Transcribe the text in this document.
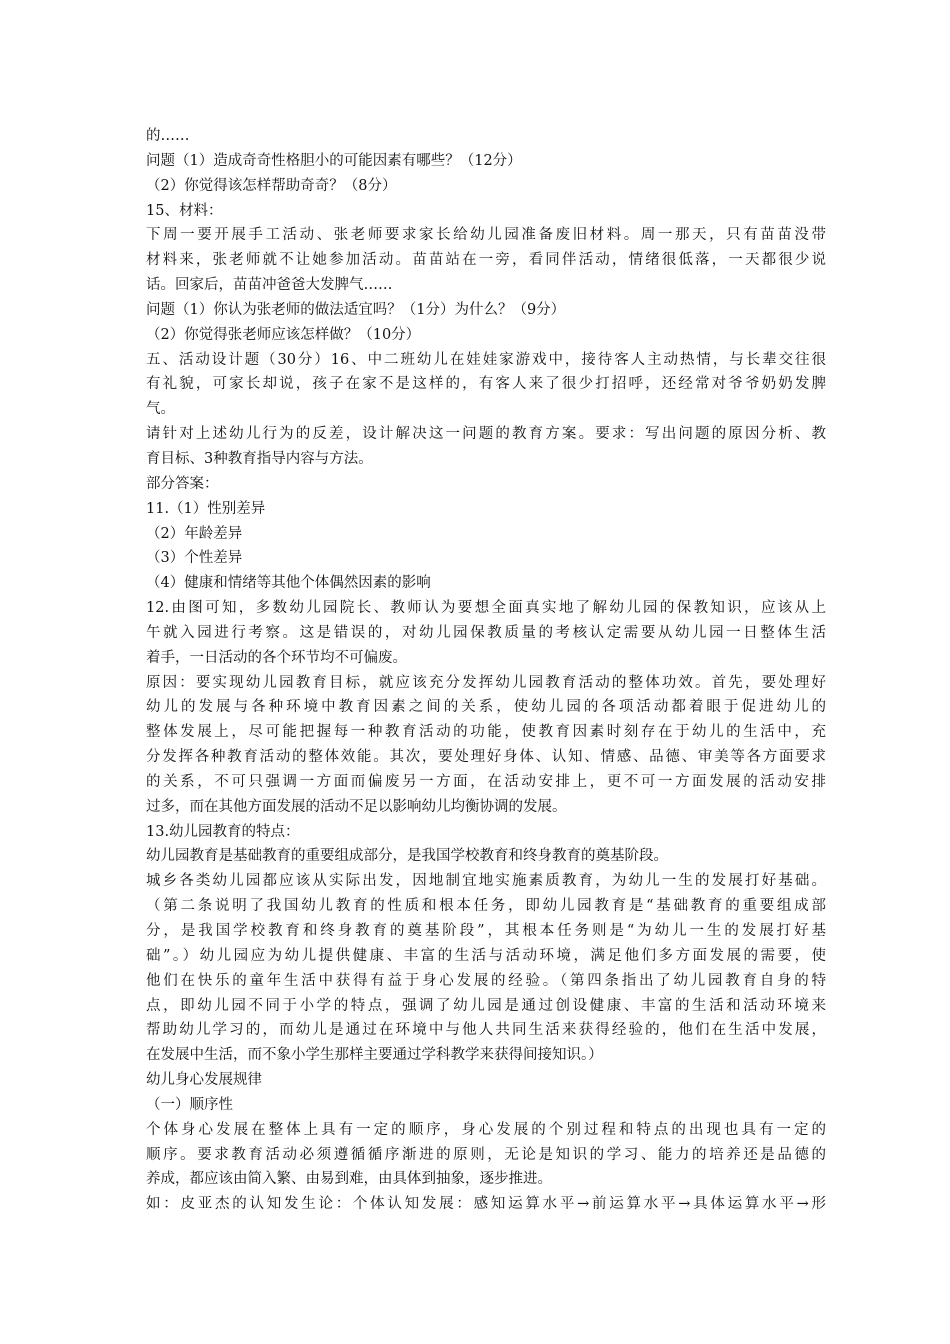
的……
问题（1）造成奇奇性格胆小的可能因素有哪些？（12分）
（2）你觉得该怎样帮助奇奇？（8分）
15、材料：
下周一要开展手工活动、张老师要求家长给幼儿园准备废旧材料。周一那天，只有苗苗没带
材料来，张老师就不让她参加活动。苗苗站在一旁，看同伴活动，情绪很低落，一天都很少说
话。回家后，苗苗冲爸爸大发脾气……
问题（1）你认为张老师的做法适宜吗？（1分）为什么？（9分）
（2）你觉得张老师应该怎样做？（10分）
五、活动设计题（30分）16、中二班幼儿在娃娃家游戏中，接待客人主动热情，与长辈交往很
有礼貌，可家长却说，孩子在家不是这样的，有客人来了很少打招呼，还经常对爷爷奶奶发脾
气。
请针对上述幼儿行为的反差，设计解决这一问题的教育方案。要求：写出问题的原因分析、教
育目标、3种教育指导内容与方法。
部分答案：
11.（1）性别差异
（2）年龄差异
（3）个性差异
（4）健康和情绪等其他个体偶然因素的影响
12.由图可知，多数幼儿园院长、教师认为要想全面真实地了解幼儿园的保教知识，应该从上
午就入园进行考察。这是错误的，对幼儿园保教质量的考核认定需要从幼儿园一日整体生活
着手，一日活动的各个环节均不可偏废。
原因：要实现幼儿园教育目标，就应该充分发挥幼儿园教育活动的整体功效。首先，要处理好
幼儿的发展与各种环境中教育因素之间的关系，使幼儿园的各项活动都着眼于促进幼儿的
整体发展上，尽可能把握每一种教育活动的功能，使教育因素时刻存在于幼儿的生活中，充
分发挥各种教育活动的整体效能。其次，要处理好身体、认知、情感、品德、审美等各方面要求
的关系，不可只强调一方面而偏废另一方面，在活动安排上，更不可一方面发展的活动安排
过多，而在其他方面发展的活动不足以影响幼儿均衡协调的发展。
13.幼儿园教育的特点：
幼儿园教育是基础教育的重要组成部分，是我国学校教育和终身教育的奠基阶段。
城乡各类幼儿园都应该从实际出发，因地制宜地实施素质教育，为幼儿一生的发展打好基础。
（第二条说明了我国幼儿教育的性质和根本任务，即幼儿园教育是“基础教育的重要组成部
分，是我国学校教育和终身教育的奠基阶段”，其根本任务则是“为幼儿一生的发展打好基
础”。）幼儿园应为幼儿提供健康、丰富的生活与活动环境，满足他们多方面发展的需要，使
他们在快乐的童年生活中获得有益于身心发展的经验。（第四条指出了幼儿园教育自身的特
点，即幼儿园不同于小学的特点，强调了幼儿园是通过创设健康、丰富的生活和活动环境来
帮助幼儿学习的，而幼儿是通过在环境中与他人共同生活来获得经验的，他们在生活中发展，
在发展中生活，而不象小学生那样主要通过学科教学来获得间接知识。）
幼儿身心发展规律
（一）顺序性
个体身心发展在整体上具有一定的顺序，身心发展的个别过程和特点的出现也具有一定的
顺序。要求教育活动必须遵循循序渐进的原则，无论是知识的学习、能力的培养还是品德的
养成，都应该由简入繁、由易到难，由具体到抽象，逐步推进。
如：皮亚杰的认知发生论：个体认知发展：感知运算水平→前运算水平→具体运算水平→形
